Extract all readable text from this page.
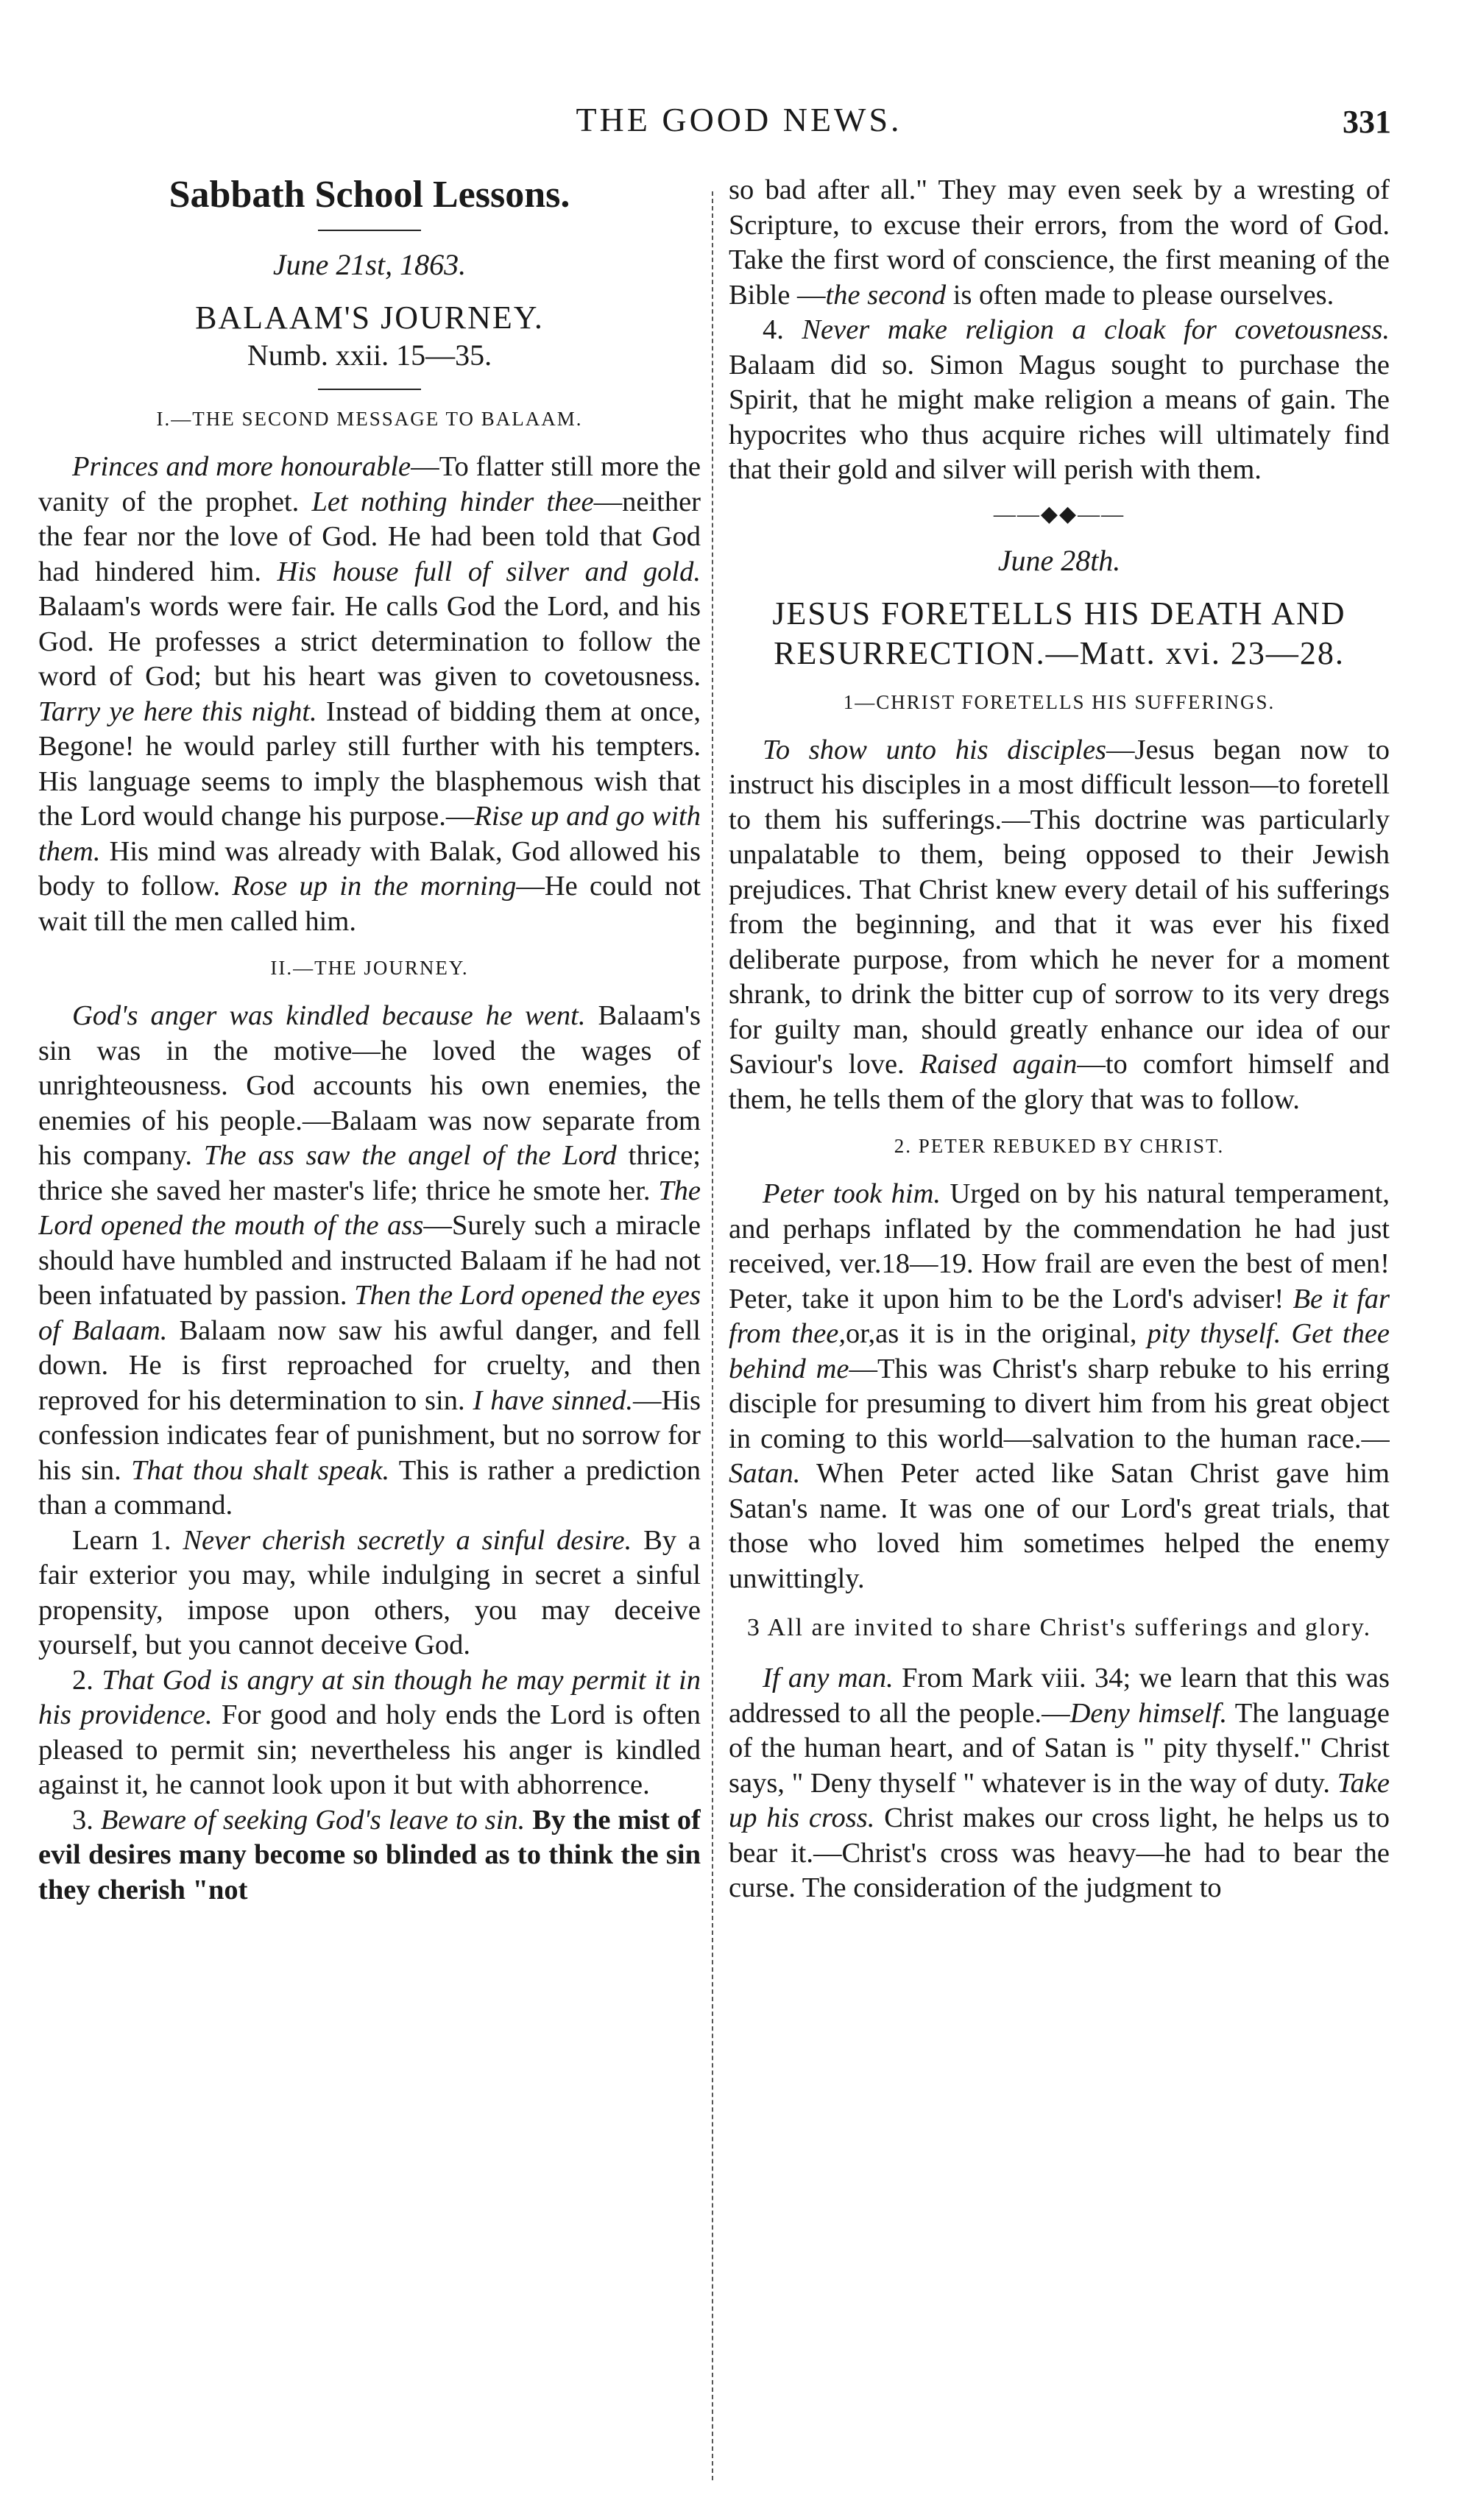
THE GOOD NEWS.	331
Sabbath School Lessons.
June 21st, 1863.
BALAAM'S JOURNEY.
Numb. xxii. 15—35.
I.—THE SECOND MESSAGE TO BALAAM.

Princes and more honourable—To flatter still more the vanity of the prophet. Let nothing hinder thee—neither the fear nor the love of God. He had been told that God had hindered him. His house full of silver and gold. Balaam's words were fair. He calls God the Lord, and his God. He professes a strict determination to follow the word of God; but his heart was given to covetousness. Tarry ye here this night. Instead of bidding them at once, Begone! he would parley still further with his tempters. His language seems to imply the blasphemous wish that the Lord would change his purpose.—Rise up and go with them. His mind was already with Balak, God allowed his body to follow. Rose up in the morning—He could not wait till the men called him.

II.—THE JOURNEY.

God's anger was kindled because he went. Balaam's sin was in the motive—he loved the wages of unrighteousness. God accounts his own enemies, the enemies of his people.—Balaam was now separate from his company. The ass saw the angel of the Lord thrice; thrice she saved her master's life; thrice he smote her. The Lord opened the mouth of the ass—Surely such a miracle should have humbled and instructed Balaam if he had not been infatuated by passion. Then the Lord opened the eyes of Balaam. Balaam now saw his awful danger, and fell down. He is first reproached for cruelty, and then reproved for his determination to sin. I have sinned.—His confession indicates fear of punishment, but no sorrow for his sin. That thou shalt speak. This is rather a prediction than a command.

Learn 1. Never cherish secretly a sinful desire. By a fair exterior you may, while indulging in secret a sinful propensity, impose upon others, you may deceive yourself, but you cannot deceive God.

2. That God is angry at sin though he may permit it in his providence. For good and holy ends the Lord is often pleased to permit sin; nevertheless his anger is kindled against it, he cannot look upon it but with abhorrence.

3. Beware of seeking God's leave to sin. By the mist of evil desires many become so blinded as to think the sin they cherish "not

so bad after all." They may even seek by a wresting of Scripture, to excuse their errors, from the word of God. Take the first word of conscience, the first meaning of the Bible —the second is often made to please ourselves.

4. Never make religion a cloak for covetousness. Balaam did so. Simon Magus sought to purchase the Spirit, that he might make religion a means of gain. The hypocrites who thus acquire riches will ultimately find that their gold and silver will perish with them.

——◆◆——
June 28th.
JESUS FORETELLS HIS DEATH AND RESURRECTION.—Matt. xvi. 23—28.
1—CHRIST FORETELLS HIS SUFFERINGS.

To show unto his disciples—Jesus began now to instruct his disciples in a most difficult lesson—to foretell to them his sufferings.—This doctrine was particularly unpalatable to them, being opposed to their Jewish prejudices. That Christ knew every detail of his sufferings from the beginning, and that it was ever his fixed deliberate purpose, from which he never for a moment shrank, to drink the bitter cup of sorrow to its very dregs for guilty man, should greatly enhance our idea of our Saviour's love. Raised again—to comfort himself and them, he tells them of the glory that was to follow.

2. PETER REBUKED BY CHRIST.

Peter took him. Urged on by his natural temperament, and perhaps inflated by the commendation he had just received, ver.18—19. How frail are even the best of men! Peter, take it upon him to be the Lord's adviser! Be it far from thee,or,as it is in the original, pity thyself. Get thee behind me—This was Christ's sharp rebuke to his erring disciple for presuming to divert him from his great object in coming to this world—salvation to the human race.—Satan. When Peter acted like Satan Christ gave him Satan's name. It was one of our Lord's great trials, that those who loved him sometimes helped the enemy unwittingly.

3 All are invited to share Christ's sufferings and glory.

If any man. From Mark viii. 34; we learn that this was addressed to all the people.—Deny himself. The language of the human heart, and of Satan is " pity thyself." Christ says, " Deny thyself " whatever is in the way of duty. Take up his cross. Christ makes our cross light, he helps us to bear it.—Christ's cross was heavy—he had to bear the curse. The consideration of the judgment to
